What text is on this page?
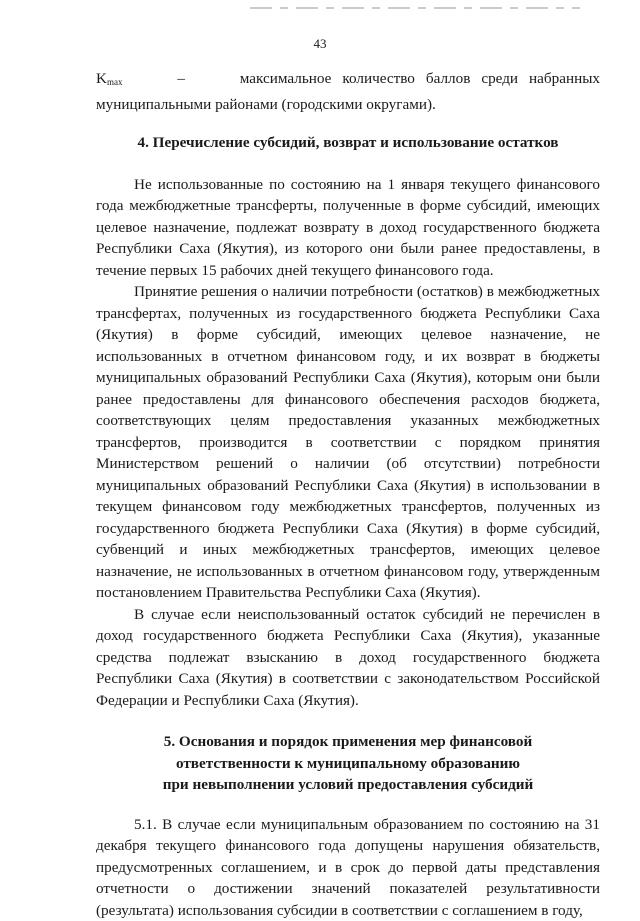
43
$K_{max}$	–	максимальное количество баллов среди набранных
муниципальными районами (городскими округами).
4. Перечисление субсидий, возврат и использование остатков

Не использованные по состоянию на 1 января текущего финансового года межбюджетные трансферты, полученные в форме субсидий, имеющих целевое назначение, подлежат возврату в доход государственного бюджета Республики Саха (Якутия), из которого они были ранее предоставлены, в течение первых 15 рабочих дней текущего финансового года.

Принятие решения о наличии потребности (остатков) в межбюджетных трансфертах, полученных из государственного бюджета Республики Саха (Якутия) в форме субсидий, имеющих целевое назначение, не использованных в отчетном финансовом году, и их возврат в бюджеты муниципальных образований Республики Саха (Якутия), которым они были ранее предоставлены для финансового обеспечения расходов бюджета, соответствующих целям предоставления указанных межбюджетных трансфертов, производится в соответствии с порядком принятия Министерством решений о наличии (об отсутствии) потребности муниципальных образований Республики Саха (Якутия) в использовании в текущем финансовом году межбюджетных трансфертов, полученных из государственного бюджета Республики Саха (Якутия) в форме субсидий, субвенций и иных межбюджетных трансфертов, имеющих целевое назначение, не использованных в отчетном финансовом году, утвержденным постановлением Правительства Республики Саха (Якутия).

В случае если неиспользованный остаток субсидий не перечислен в доход государственного бюджета Республики Саха (Якутия), указанные средства подлежат взысканию в доход государственного бюджета Республики Саха (Якутия) в соответствии с законодательством Российской Федерации и Республики Саха (Якутия).

5. Основания и порядок применения мер финансовой
ответственности к муниципальному образованию
при невыполнении условий предоставления субсидий

5.1. В случае если муниципальным образованием по состоянию на 31 декабря текущего финансового года допущены нарушения обязательств, предусмотренных соглашением, и в срок до первой даты представления отчетности о достижении значений показателей результативности (результата) использования субсидии в соответствии с соглашением в году,
